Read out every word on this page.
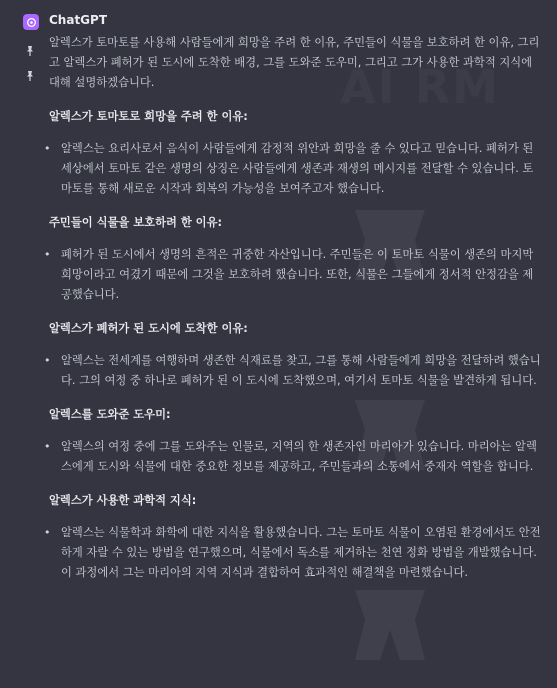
ChatGPT

알렉스가 토마토를 사용해 사람들에게 희망을 주려 한 이유, 주민들이 식물을 보호하려 한 이유, 그리고 알렉스가 폐허가 된 도시에 도착한 배경, 그를 도와준 도우미, 그리고 그가 사용한 과학적 지식에 대해 설명하겠습니다.

알렉스가 토마토로 희망을 주려 한 이유:
• 알렉스는 요리사로서 음식이 사람들에게 감정적 위안과 희망을 줄 수 있다고 믿습니다. 폐허가 된 세상에서 토마토 같은 생명의 상징은 사람들에게 생존과 재생의 메시지를 전달할 수 있습니다. 토마토를 통해 새로운 시작과 회복의 가능성을 보여주고자 했습니다.
주민들이 식물을 보호하려 한 이유:
• 폐허가 된 도시에서 생명의 흔적은 귀중한 자산입니다. 주민들은 이 토마토 식물이 생존의 마지막 희망이라고 여겼기 때문에 그것을 보호하려 했습니다. 또한, 식물은 그들에게 정서적 안정감을 제공했습니다.
알렉스가 폐허가 된 도시에 도착한 이유:
• 알렉스는 전세계를 여행하며 생존한 식재료를 찾고, 그를 통해 사람들에게 희망을 전달하려 했습니다. 그의 여정 중 하나로 폐허가 된 이 도시에 도착했으며, 여기서 토마토 식물을 발견하게 됩니다.
알렉스를 도와준 도우미:
• 알렉스의 여정 중에 그를 도와주는 인물로, 지역의 한 생존자인 마리아가 있습니다. 마리아는 알렉스에게 도시와 식물에 대한 중요한 정보를 제공하고, 주민들과의 소통에서 중재자 역할을 합니다.
알렉스가 사용한 과학적 지식:
• 알렉스는 식물학과 화학에 대한 지식을 활용했습니다. 그는 토마토 식물이 오염된 환경에서도 안전하게 자랄 수 있는 방법을 연구했으며, 식물에서 독소를 제거하는 천연 정화 방법을 개발했습니다. 이 과정에서 그는 마리아의 지역 지식과 결합하여 효과적인 해결책을 마련했습니다.
